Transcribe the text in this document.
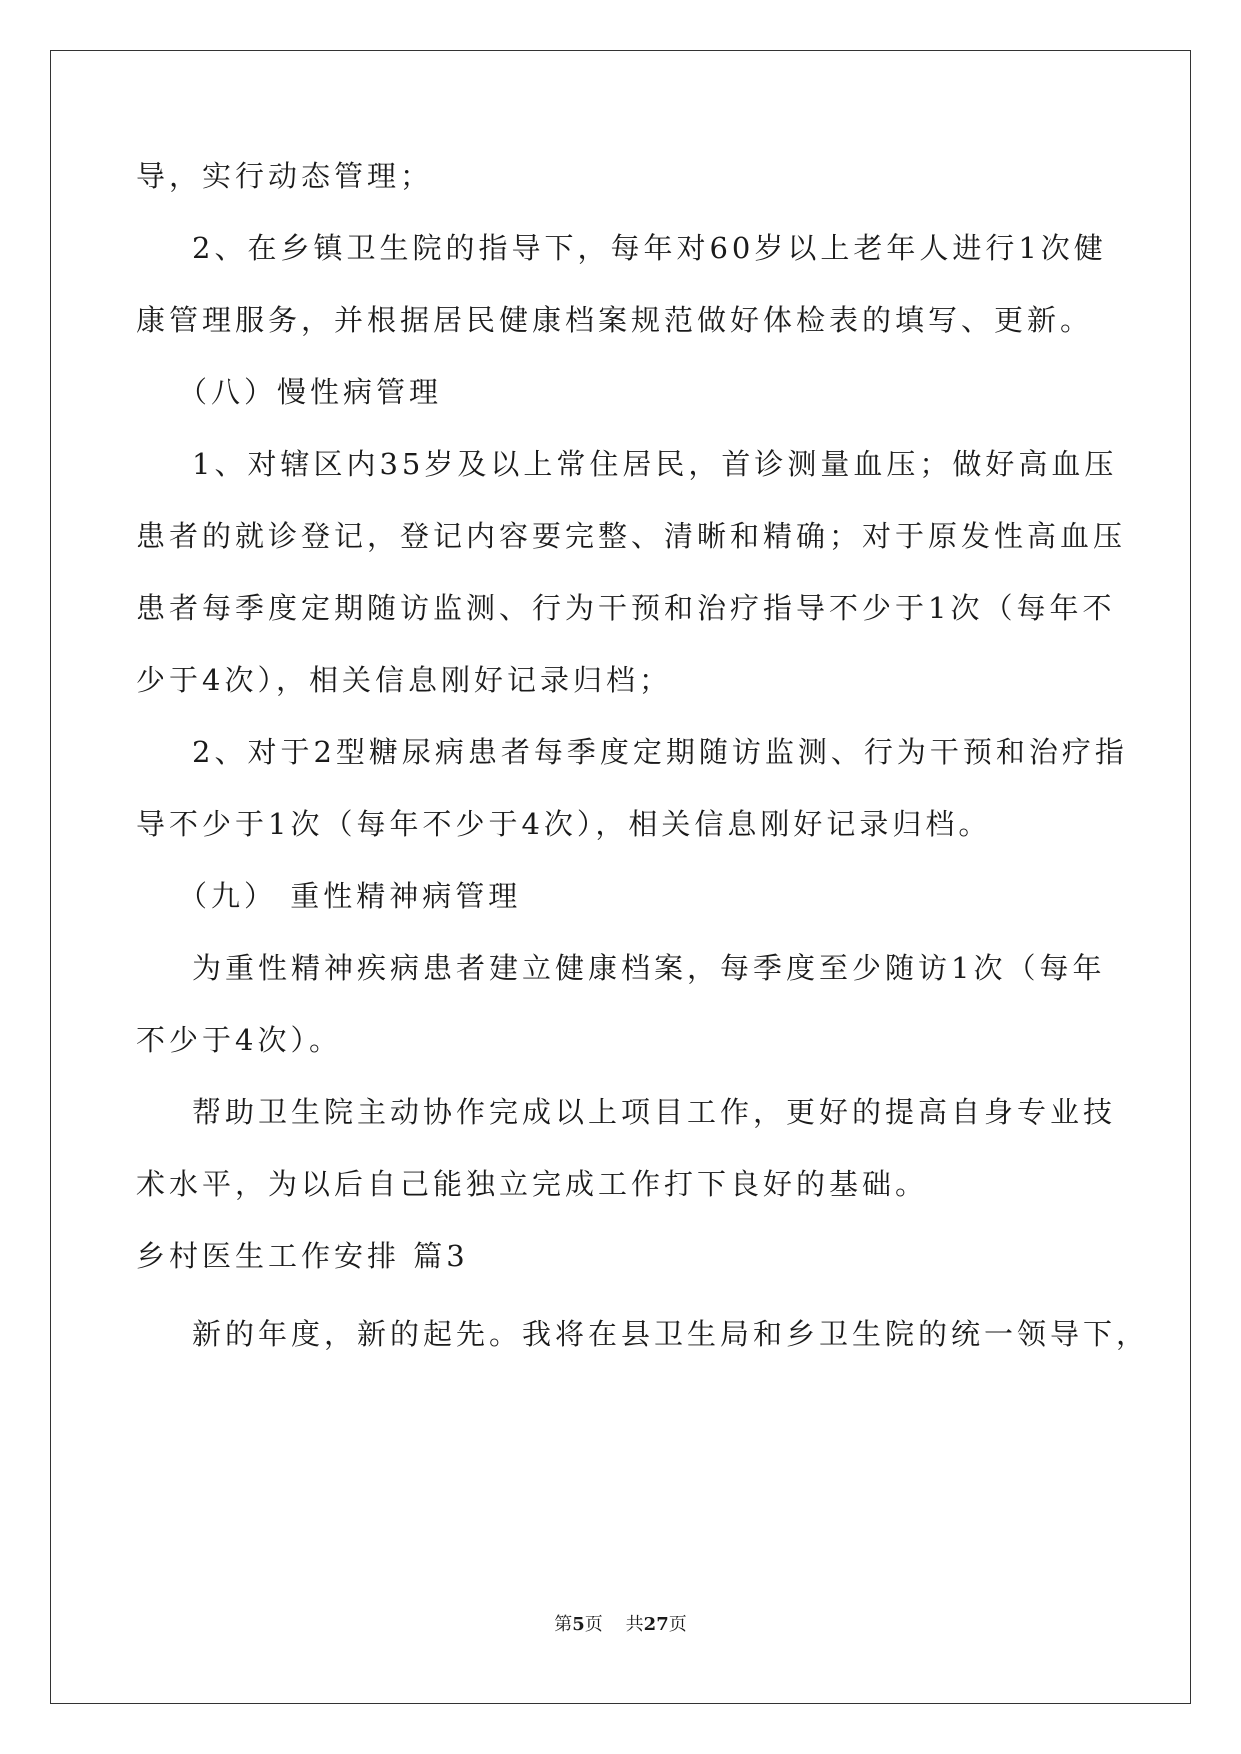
导，实行动态管理；
2、在乡镇卫生院的指导下，每年对60岁以上老年人进行1次健
康管理服务，并根据居民健康档案规范做好体检表的填写、更新。
（八）慢性病管理
1、对辖区内35岁及以上常住居民，首诊测量血压；做好高血压
患者的就诊登记，登记内容要完整、清晰和精确；对于原发性高血压
患者每季度定期随访监测、行为干预和治疗指导不少于1次（每年不
少于4次），相关信息刚好记录归档；
2、对于2型糖尿病患者每季度定期随访监测、行为干预和治疗指
导不少于1次（每年不少于4次），相关信息刚好记录归档。
（九） 重性精神病管理
为重性精神疾病患者建立健康档案，每季度至少随访1次（每年
不少于4次）。
帮助卫生院主动协作完成以上项目工作，更好的提高自身专业技
术水平，为以后自己能独立完成工作打下良好的基础。
乡村医生工作安排 篇3
新的年度，新的起先。我将在县卫生局和乡卫生院的统一领导下，
第5页 共27页
